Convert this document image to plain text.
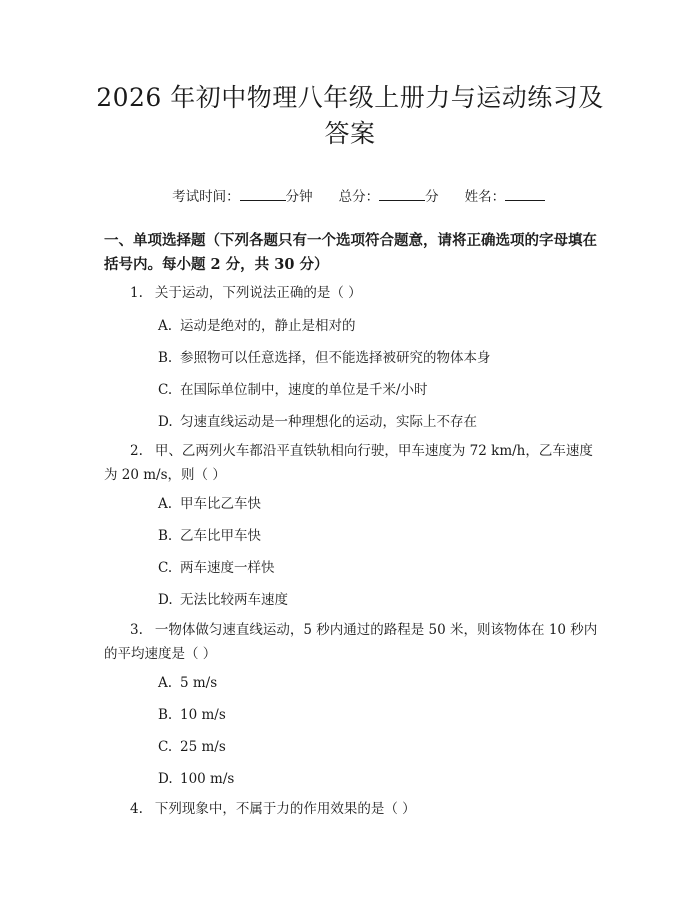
2026 年初中物理八年级上册力与运动练习及答案

考试时间：	分钟 总分：	分 姓名：

一、单项选择题（下列各题只有一个选项符合题意，请将正确选项的字母填在括号内。每小题 2 分，共 30 分）
1. 关于运动，下列说法正确的是（ ）
A. 运动是绝对的，静止是相对的
B. 参照物可以任意选择，但不能选择被研究的物体本身
C. 在国际单位制中，速度的单位是千米/小时
D. 匀速直线运动是一种理想化的运动，实际上不存在
2. 甲、乙两列火车都沿平直铁轨相向行驶，甲车速度为 72 km/h，乙车速度为 20 m/s，则（ ）
A. 甲车比乙车快
B. 乙车比甲车快
C. 两车速度一样快
D. 无法比较两车速度
3. 一物体做匀速直线运动，5 秒内通过的路程是 50 米，则该物体在 10 秒内的平均速度是（ ）
A. 5 m/s
B. 10 m/s
C. 25 m/s
D. 100 m/s
4. 下列现象中，不属于力的作用效果的是（ ）
